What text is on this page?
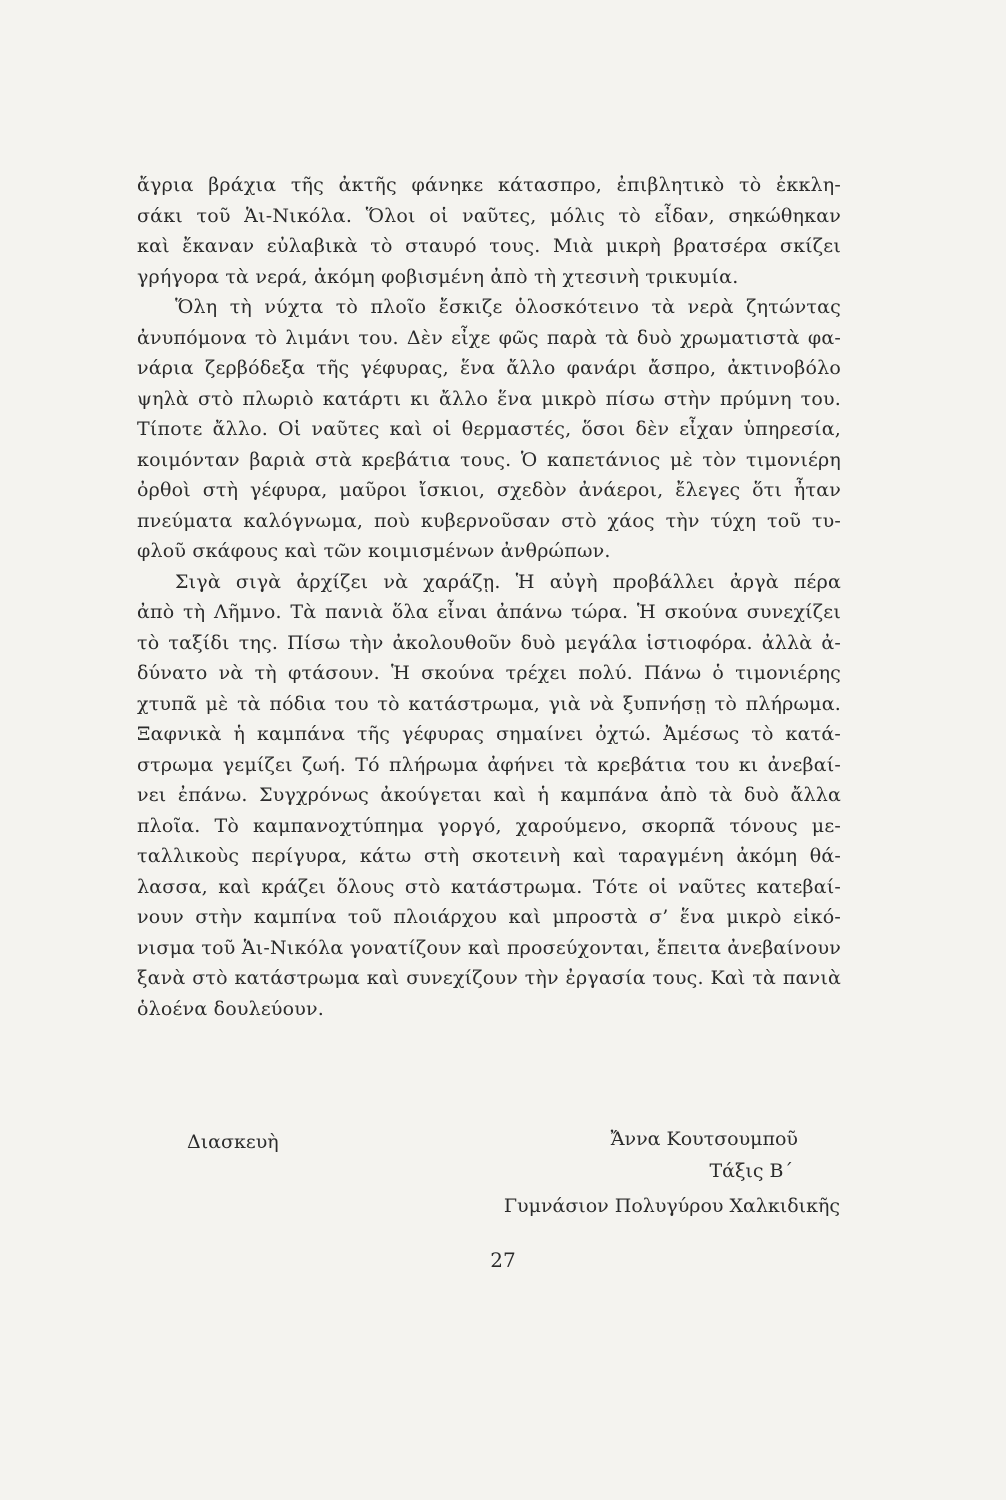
ἄγρια βράχια τῆς ἀκτῆς φάνηκε κάτασπρο, ἐπιβλητικὸ τὸ ἐκκλη-
σάκι τοῦ Ἁι-Νικόλα. Ὅλοι οἱ ναῦτες, μόλις τὸ εἶδαν, σηκώθηκαν
καὶ ἔκαναν εὐλαβικὰ τὸ σταυρό τους. Μιὰ μικρὴ βρατσέρα σκίζει
γρήγορα τὰ νερά, ἀκόμη φοβισμένη ἀπὸ τὴ χτεσινὴ τρικυμία.
Ὅλη τὴ νύχτα τὸ πλοῖο ἔσκιζε ὁλοσκότεινο τὰ νερὰ ζητώντας
ἀνυπόμονα τὸ λιμάνι του. Δὲν εἶχε φῶς παρὰ τὰ δυὸ χρωματιστὰ φα-
νάρια ζερβόδεξα τῆς γέφυρας, ἕνα ἄλλο φανάρι ἄσπρο, ἀκτινοβόλο
ψηλὰ στὸ πλωριὸ κατάρτι κι ἄλλο ἕνα μικρὸ πίσω στὴν πρύμνη του.
Τίποτε ἄλλο. Οἱ ναῦτες καὶ οἱ θερμαστές, ὅσοι δὲν εἶχαν ὑπηρεσία,
κοιμόνταν βαριὰ στὰ κρεβάτια τους. Ὁ καπετάνιος μὲ τὸν τιμονιέρη
ὀρθοὶ στὴ γέφυρα, μαῦροι ἴσκιοι, σχεδὸν ἀνάεροι, ἔλεγες ὅτι ἦταν
πνεύματα καλόγνωμα, ποὺ κυβερνοῦσαν στὸ χάος τὴν τύχη τοῦ τυ-
φλοῦ σκάφους καὶ τῶν κοιμισμένων ἀνθρώπων.
Σιγὰ σιγὰ ἀρχίζει νὰ χαράζῃ. Ἡ αὐγὴ προβάλλει ἀργὰ πέρα
ἀπὸ τὴ Λῆμνο. Τὰ πανιὰ ὅλα εἶναι ἀπάνω τώρα. Ἡ σκούνα συνεχίζει
τὸ ταξίδι της. Πίσω τὴν ἀκολουθοῦν δυὸ μεγάλα ἱστιοφόρα. ἀλλὰ ἀ-
δύνατο νὰ τὴ φτάσουν. Ἡ σκούνα τρέχει πολύ. Πάνω ὁ τιμονιέρης
χτυπᾶ μὲ τὰ πόδια του τὸ κατάστρωμα, γιὰ νὰ ξυπνήσῃ τὸ πλήρωμα.
Ξαφνικὰ ἡ καμπάνα τῆς γέφυρας σημαίνει ὀχτώ. Ἀμέσως τὸ κατά-
στρωμα γεμίζει ζωή. Τό πλήρωμα ἀφήνει τὰ κρεβάτια του κι ἀνεβαί-
νει ἐπάνω. Συγχρόνως ἀκούγεται καὶ ἡ καμπάνα ἀπὸ τὰ δυὸ ἄλλα
πλοῖα. Τὸ καμπανοχτύπημα γοργό, χαρούμενο, σκορπᾶ τόνους με-
ταλλικοὺς περίγυρα, κάτω στὴ σκοτεινὴ καὶ ταραγμένη ἀκόμη θά-
λασσα, καὶ κράζει ὅλους στὸ κατάστρωμα. Τότε οἱ ναῦτες κατεβαί-
νουν στὴν καμπίνα τοῦ πλοιάρχου καὶ μπροστὰ σ’ ἕνα μικρὸ εἰκό-
νισμα τοῦ Ἁι-Νικόλα γονατίζουν καὶ προσεύχονται, ἔπειτα ἀνεβαίνουν
ξανὰ στὸ κατάστρωμα καὶ συνεχίζουν τὴν ἐργασία τους. Καὶ τὰ πανιὰ
ὁλοένα δουλεύουν.
Διασκευὴ	Ἄννα Κουτσουμποῦ
Τάξις Β΄
Γυμνάσιον Πολυγύρου Χαλκιδικῆς
27
